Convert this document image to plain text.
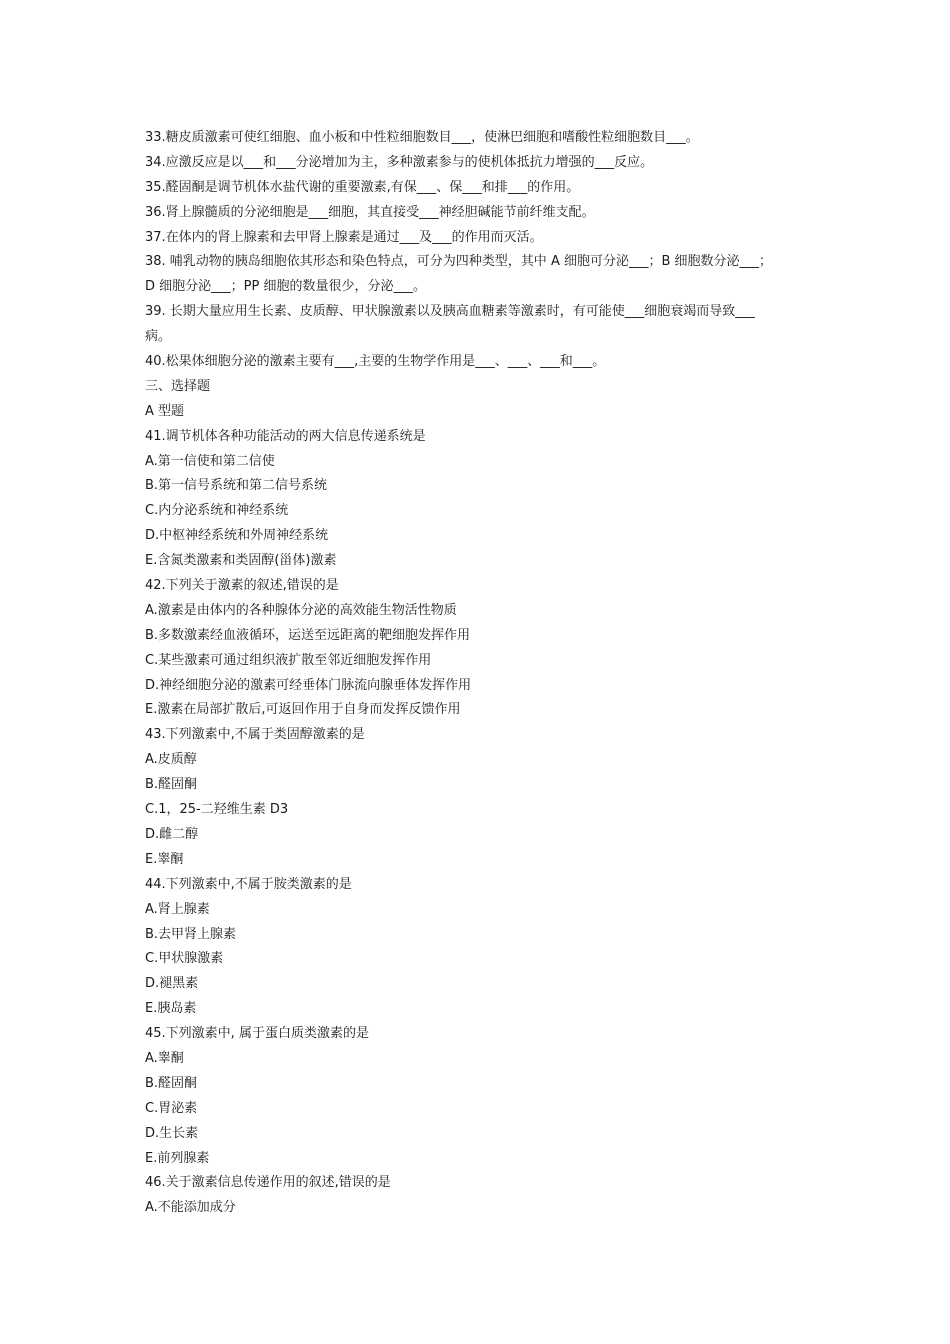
33.糖皮质激素可使红细胞、血小板和中性粒细胞数目___，使淋巴细胞和嗜酸性粒细胞数目___。
34.应激反应是以___和___分泌增加为主，多种激素参与的使机体抵抗力增强的___反应。
35.醛固酮是调节机体水盐代谢的重要激素,有保___、保___和排___的作用。
36.肾上腺髓质的分泌细胞是___细胞，其直接受___神经胆碱能节前纤维支配。
37.在体内的肾上腺素和去甲肾上腺素是通过___及___的作用而灭活。
38. 哺乳动物的胰岛细胞依其形态和染色特点，可分为四种类型，其中 A 细胞可分泌___；B 细胞数分泌___；
D 细胞分泌___；PP 细胞的数量很少，分泌___。
39. 长期大量应用生长素、皮质醇、甲状腺激素以及胰高血糖素等激素时，有可能使___细胞衰竭而导致___
病。
40.松果体细胞分泌的激素主要有___,主要的生物学作用是___、___、___和___。
三、选择题
A 型题
41.调节机体各种功能活动的两大信息传递系统是
A.第一信使和第二信使
B.第一信号系统和第二信号系统
C.内分泌系统和神经系统
D.中枢神经系统和外周神经系统
E.含氮类激素和类固醇(甾体)激素
42.下列关于激素的叙述,错误的是
A.激素是由体内的各种腺体分泌的高效能生物活性物质
B.多数激素经血液循环，运送至远距离的靶细胞发挥作用
C.某些激素可通过组织液扩散至邻近细胞发挥作用
D.神经细胞分泌的激素可经垂体门脉流向腺垂体发挥作用
E.激素在局部扩散后,可返回作用于自身而发挥反馈作用
43.下列激素中,不属于类固醇激素的是
A.皮质醇
B.醛固酮
C.1，25-二羟维生素 D3
D.雌二醇
E.睾酮
44.下列激素中,不属于胺类激素的是
A.肾上腺素
B.去甲肾上腺素
C.甲状腺激素
D.褪黑素
E.胰岛素
45.下列激素中, 属于蛋白质类激素的是
A.睾酮
B.醛固酮
C.胃泌素
D.生长素
E.前列腺素
46.关于激素信息传递作用的叙述,错误的是
A.不能添加成分
